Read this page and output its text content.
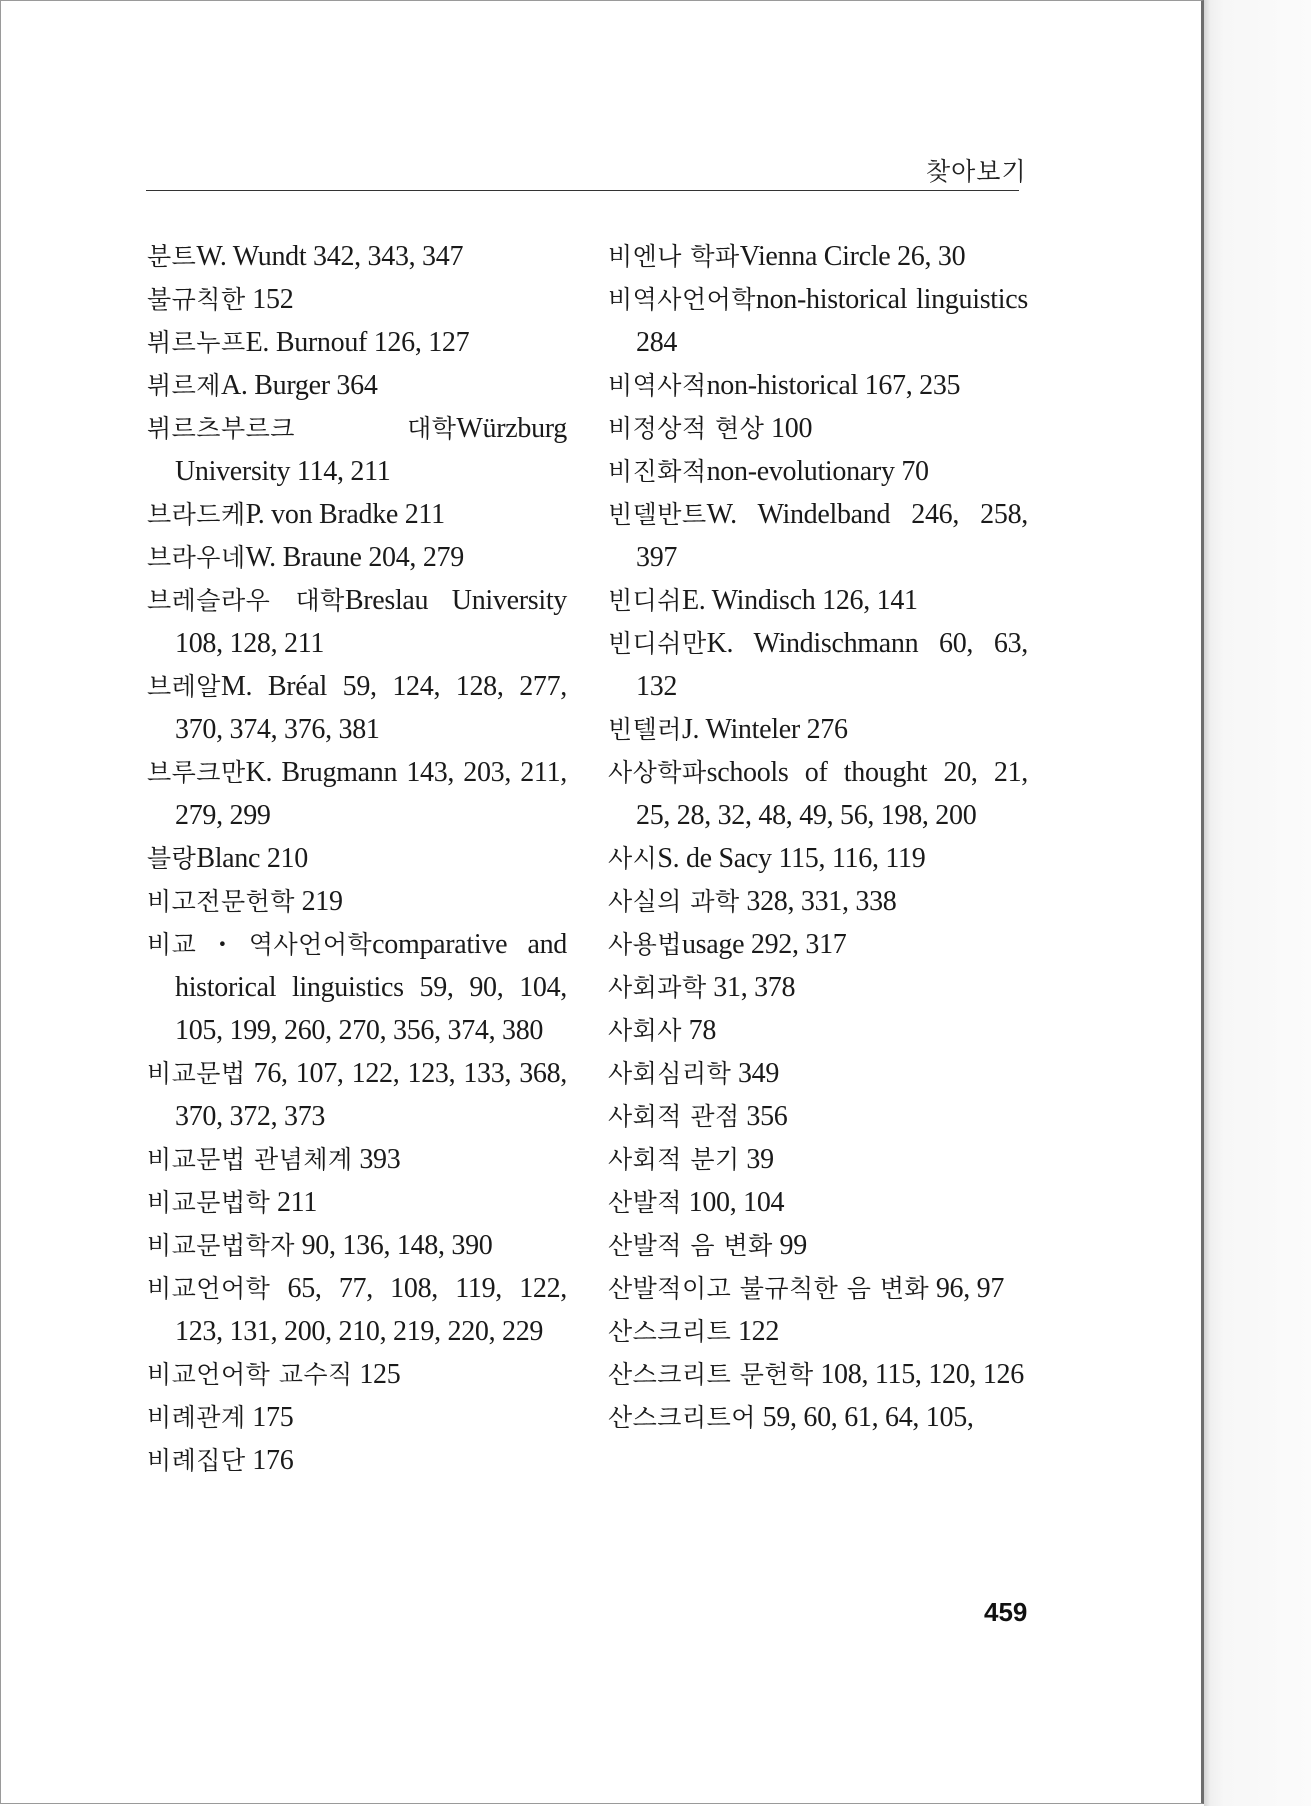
찾아보기
분트W. Wundt 342, 343, 347
불규칙한 152
뷔르누프E. Burnouf 126, 127
뷔르제A. Burger 364
뷔르츠부르크 대학Würzburg University 114, 211
브라드케P. von Bradke 211
브라우네W. Braune 204, 279
브레슬라우 대학Breslau University 108, 128, 211
브레알M. Bréal 59, 124, 128, 277, 370, 374, 376, 381
브루크만K. Brugmann 143, 203, 211, 279, 299
블랑Blanc 210
비고전문헌학 219
비교・역사언어학comparative and historical linguistics 59, 90, 104, 105, 199, 260, 270, 356, 374, 380
비교문법 76, 107, 122, 123, 133, 368, 370, 372, 373
비교문법 관념체계 393
비교문법학 211
비교문법학자 90, 136, 148, 390
비교언어학 65, 77, 108, 119, 122, 123, 131, 200, 210, 219, 220, 229
비교언어학 교수직 125
비례관계 175
비례집단 176
비엔나 학파Vienna Circle 26, 30
비역사언어학non-historical linguistics 284
비역사적non-historical 167, 235
비정상적 현상 100
비진화적non-evolutionary 70
빈델반트W. Windelband 246, 258, 397
빈디쉬E. Windisch 126, 141
빈디쉬만K. Windischmann 60, 63, 132
빈텔러J. Winteler 276
사상학파schools of thought 20, 21, 25, 28, 32, 48, 49, 56, 198, 200
사시S. de Sacy 115, 116, 119
사실의 과학 328, 331, 338
사용법usage 292, 317
사회과학 31, 378
사회사 78
사회심리학 349
사회적 관점 356
사회적 분기 39
산발적 100, 104
산발적 음 변화 99
산발적이고 불규칙한 음 변화 96, 97
산스크리트 122
산스크리트 문헌학 108, 115, 120, 126
산스크리트어 59, 60, 61, 64, 105,
459
